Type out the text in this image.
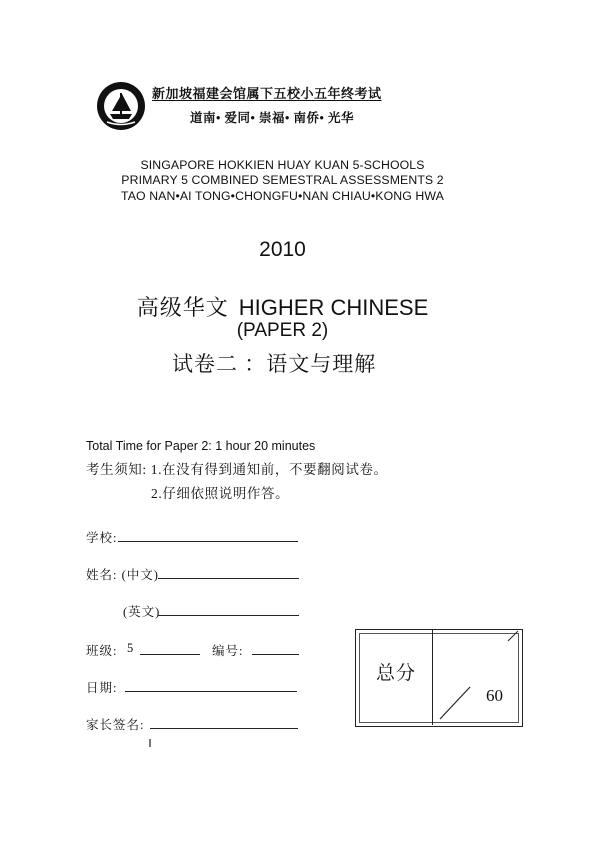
新加坡福建会馆属下五校小五年终考试
道南• 爱同• 崇福• 南侨• 光华
SINGAPORE HOKKIEN HUAY KUAN 5-SCHOOLS
PRIMARY 5 COMBINED SEMESTRAL ASSESSMENTS 2
TAO NAN•AI TONG•CHONGFU•NAN CHIAU•KONG HWA
2010
高级华文 HIGHER CHINESE
(PAPER 2)
试卷二 ：语文与理解
Total Time for Paper 2: 1 hour 20 minutes
考生须知: 1.在没有得到通知前，不要翻阅试卷。
2.仔细依照说明作答。
学校:
姓名: (中文)
(英文)
班级: 5	编号:
日期:
家长签名:
总分
60
